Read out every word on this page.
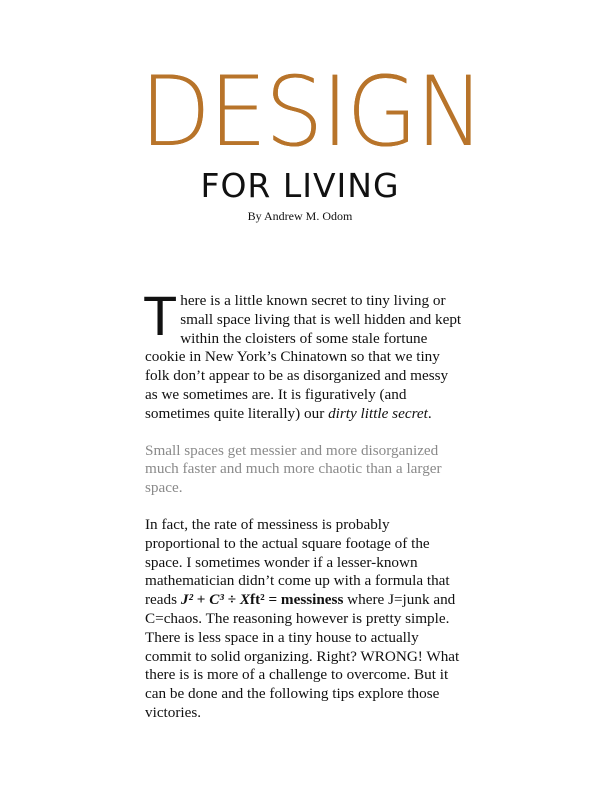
DESIGN
FOR LIVING
By Andrew M. Odom

There is a little known secret to tiny living or small space living that is well hidden and kept within the cloisters of some stale fortune cookie in New York’s Chinatown so that we tiny folk don’t appear to be as disorganized and messy as we sometimes are. It is figuratively (and sometimes quite literally) our dirty little secret.

Small spaces get messier and more disorganized much faster and much more chaotic than a larger space.

In fact, the rate of messiness is probably proportional to the actual square footage of the space. I sometimes wonder if a lesser-known mathematician didn’t come up with a formula that reads J² + C³ ÷ Xft² = messiness where J=junk and C=chaos. The reasoning however is pretty simple. There is less space in a tiny house to actually commit to solid organizing. Right? WRONG! What there is is more of a challenge to overcome. But it can be done and the following tips explore those victories.
